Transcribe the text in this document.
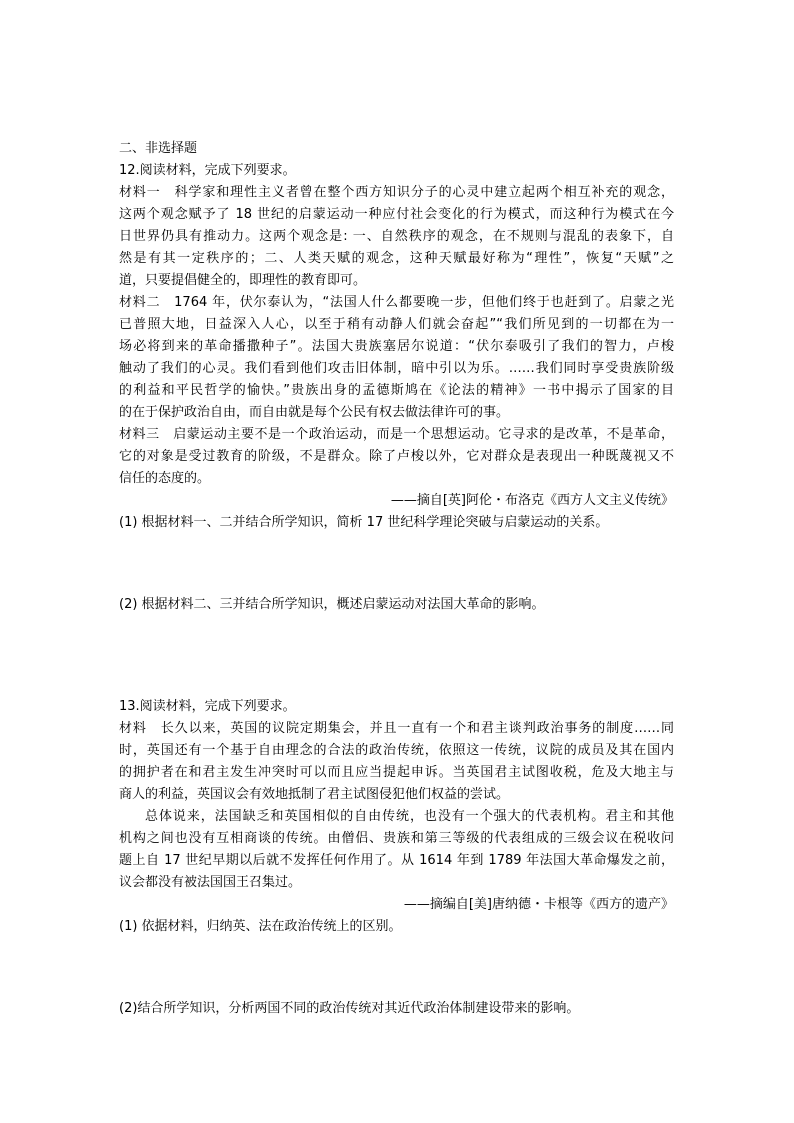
二、非选择题
12.阅读材料，完成下列要求。
材料一　科学家和理性主义者曾在整个西方知识分子的心灵中建立起两个相互补充的观念，
这两个观念赋予了 18 世纪的启蒙运动一种应付社会变化的行为模式，而这种行为模式在今
日世界仍具有推动力。这两个观念是: 一、自然秩序的观念，在不规则与混乱的表象下，自
然是有其一定秩序的；二、人类天赋的观念，这种天赋最好称为“理性”，恢复“天赋”之
道，只要提倡健全的，即理性的教育即可。
材料二　1764 年，伏尔泰认为，“法国人什么都要晚一步，但他们终于也赶到了。启蒙之光
已普照大地，日益深入人心，以至于稍有动静人们就会奋起”“我们所见到的一切都在为一
场必将到来的革命播撒种子”。法国大贵族塞居尔说道：“伏尔泰吸引了我们的智力，卢梭
触动了我们的心灵。我们看到他们攻击旧体制，暗中引以为乐。……我们同时享受贵族阶级
的利益和平民哲学的愉快。”贵族出身的孟德斯鸠在《论法的精神》一书中揭示了国家的目
的在于保护政治自由，而自由就是每个公民有权去做法律许可的事。
材料三　启蒙运动主要不是一个政治运动，而是一个思想运动。它寻求的是改革，不是革命，
它的对象是受过教育的阶级，不是群众。除了卢梭以外，它对群众是表现出一种既蔑视又不
信任的态度的。
——摘自[英]阿伦・布洛克《西方人文主义传统》
(1) 根据材料一、二并结合所学知识，简析 17 世纪科学理论突破与启蒙运动的关系。
(2) 根据材料二、三并结合所学知识，概述启蒙运动对法国大革命的影响。
13.阅读材料，完成下列要求。
材料　长久以来，英国的议院定期集会，并且一直有一个和君主谈判政治事务的制度……同
时，英国还有一个基于自由理念的合法的政治传统，依照这一传统，议院的成员及其在国内
的拥护者在和君主发生冲突时可以而且应当提起申诉。当英国君主试图收税，危及大地主与
商人的利益，英国议会有效地抵制了君主试图侵犯他们权益的尝试。
总体说来，法国缺乏和英国相似的自由传统，也没有一个强大的代表机构。君主和其他
机构之间也没有互相商谈的传统。由僧侣、贵族和第三等级的代表组成的三级会议在税收问
题上自 17 世纪早期以后就不发挥任何作用了。从 1614 年到 1789 年法国大革命爆发之前，
议会都没有被法国国王召集过。
——摘编自[美]唐纳德・卡根等《西方的遗产》
(1) 依据材料，归纳英、法在政治传统上的区别。
(2)结合所学知识，分析两国不同的政治传统对其近代政治体制建设带来的影响。
